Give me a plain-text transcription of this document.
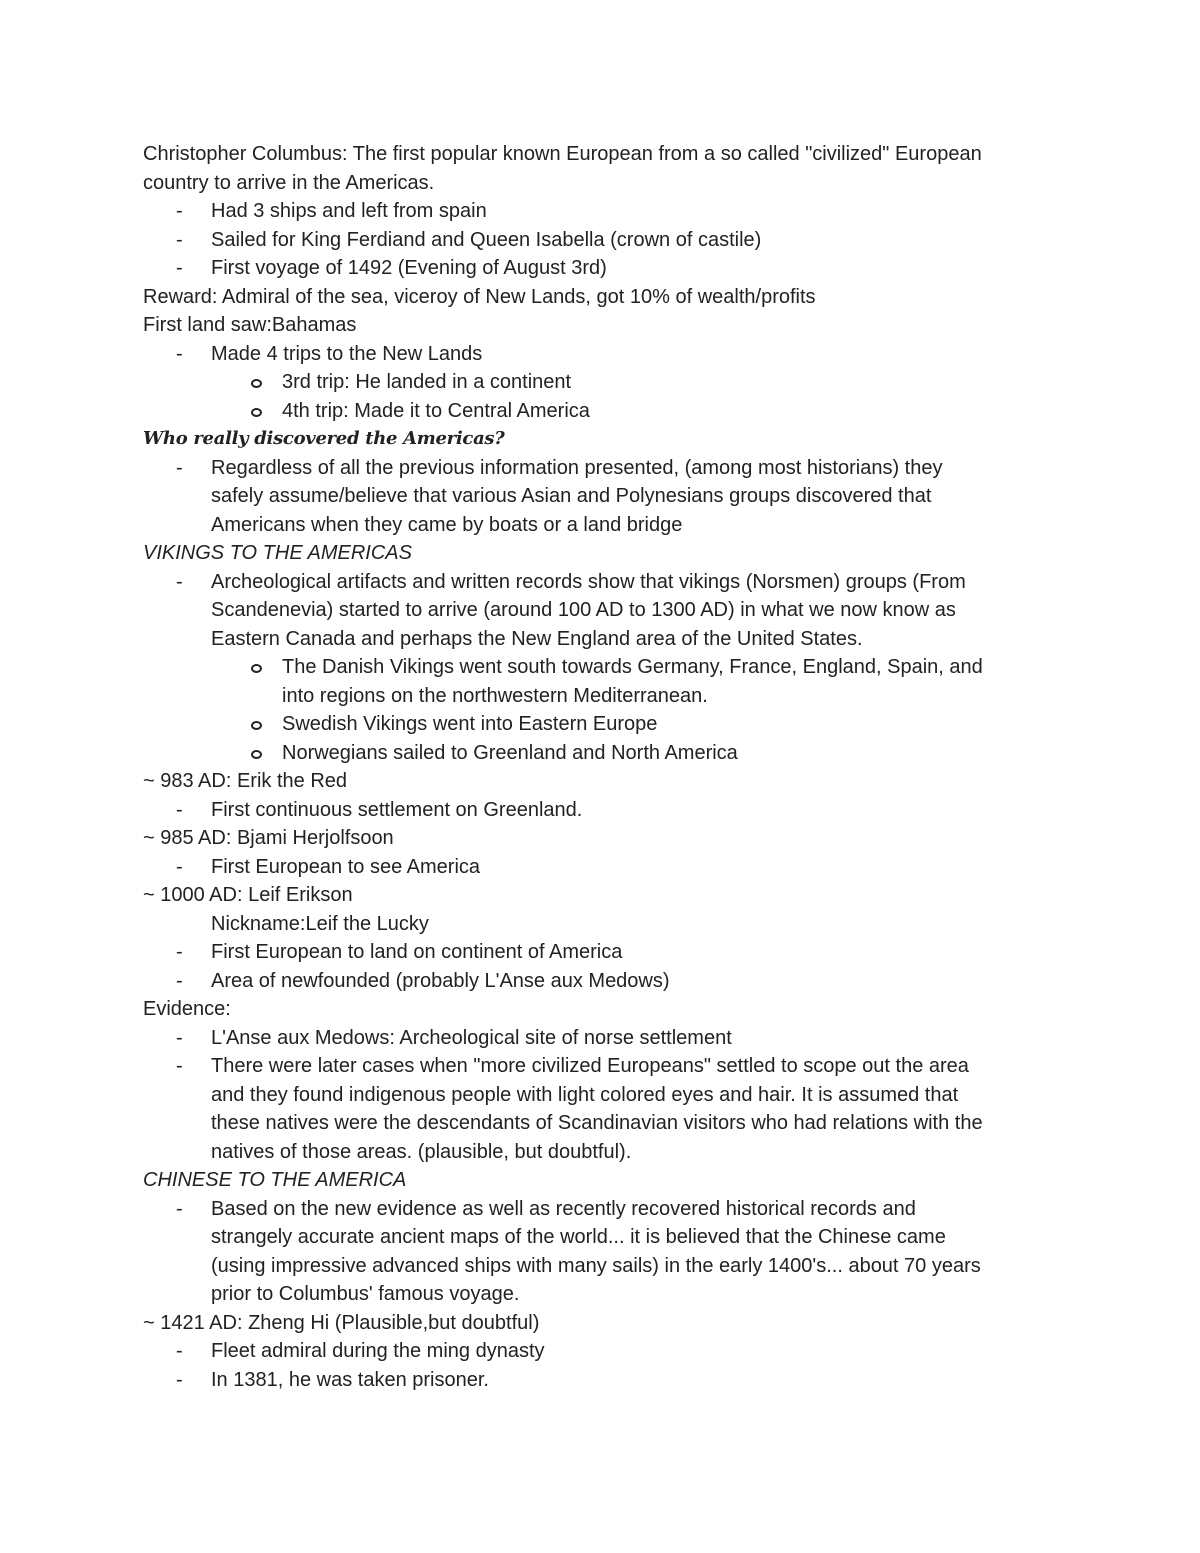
Christopher Columbus: The first popular known European from a so called "civilized" European
country to arrive in the Americas.
- Had 3 ships and left from spain
- Sailed for King Ferdiand and Queen Isabella (crown of castile)
- First voyage of 1492 (Evening of August 3rd)
Reward: Admiral of the sea, viceroy of New Lands, got 10% of wealth/profits
First land saw:Bahamas
- Made 4 trips to the New Lands
3rd trip: He landed in a continent
4th trip: Made it to Central America
Who really discovered the Americas?
- Regardless of all the previous information presented, (among most historians) they
safely assume/believe that various Asian and Polynesians groups discovered that
Americans when they came by boats or a land bridge
VIKINGS TO THE AMERICAS
- Archeological artifacts and written records show that vikings (Norsmen) groups (From
Scandenevia) started to arrive (around 100 AD to 1300 AD) in what we now know as
Eastern Canada and perhaps the New England area of the United States.
The Danish Vikings went south towards Germany, France, England, Spain, and
into regions on the northwestern Mediterranean.
Swedish Vikings went into Eastern Europe
Norwegians sailed to Greenland and North America
~ 983 AD: Erik the Red
- First continuous settlement on Greenland.
~ 985 AD: Bjami Herjolfsoon
- First European to see America
~ 1000 AD: Leif Erikson
Nickname:Leif the Lucky
- First European to land on continent of America
- Area of newfounded (probably L'Anse aux Medows)
Evidence:
- L'Anse aux Medows: Archeological site of norse settlement
- There were later cases when "more civilized Europeans" settled to scope out the area
and they found indigenous people with light colored eyes and hair. It is assumed that
these natives were the descendants of Scandinavian visitors who had relations with the
natives of those areas. (plausible, but doubtful).
CHINESE TO THE AMERICA
- Based on the new evidence as well as recently recovered historical records and
strangely accurate ancient maps of the world... it is believed that the Chinese came
(using impressive advanced ships with many sails) in the early 1400's... about 70 years
prior to Columbus' famous voyage.
~ 1421 AD: Zheng Hi (Plausible,but doubtful)
- Fleet admiral during the ming dynasty
- In 1381, he was taken prisoner.
